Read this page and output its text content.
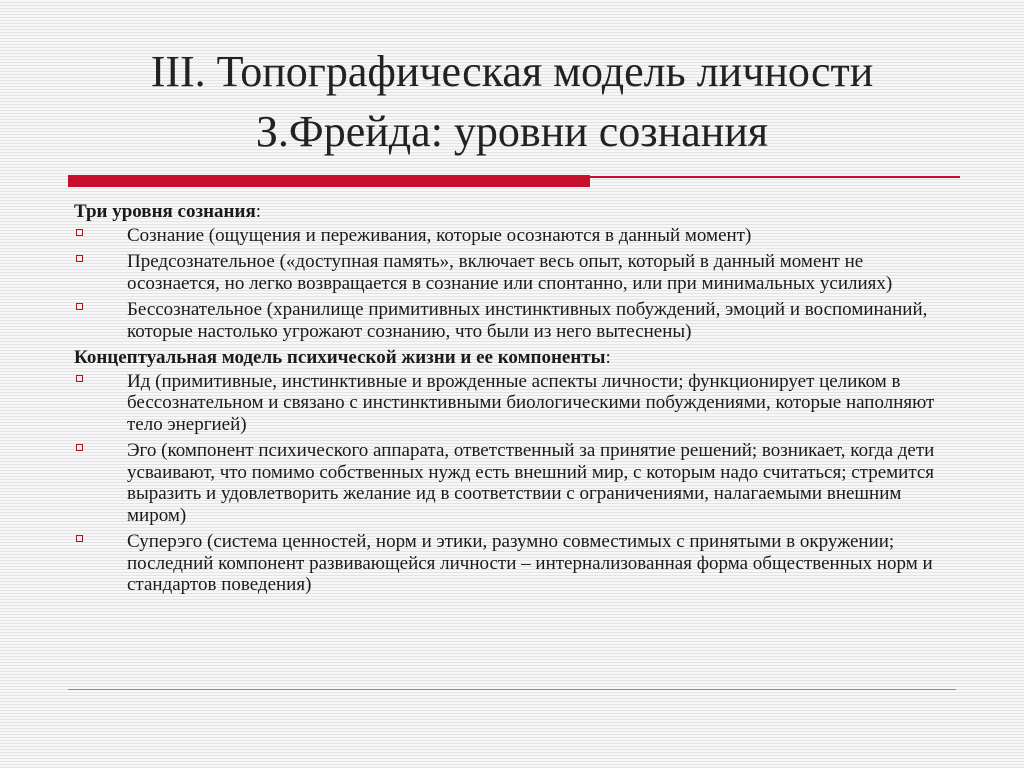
III. Топографическая модель личности
З.Фрейда: уровни сознания
Три уровня сознания:
Сознание (ощущения и переживания, которые осознаются в данный момент)
Предсознательное («доступная память», включает весь опыт, который в данный момент не осознается, но легко возвращается в сознание или спонтанно, или при минимальных усилиях)
Бессознательное (хранилище примитивных инстинктивных побуждений, эмоций и воспоминаний, которые настолько угрожают сознанию, что были из него вытеснены)
Концептуальная модель психической жизни и ее компоненты:
Ид (примитивные, инстинктивные и врожденные аспекты личности; функционирует целиком в бессознательном и связано с инстинктивными биологическими побуждениями, которые наполняют тело энергией)
Эго (компонент психического аппарата, ответственный за принятие решений; возникает, когда дети усваивают, что помимо собственных нужд есть внешний мир, с которым надо считаться; стремится выразить и удовлетворить желание ид в соответствии с ограничениями, налагаемыми внешним миром)
Суперэго (система ценностей, норм и этики, разумно совместимых с принятыми в окружении; последний компонент развивающейся личности – интернализованная форма общественных норм и стандартов поведения)
